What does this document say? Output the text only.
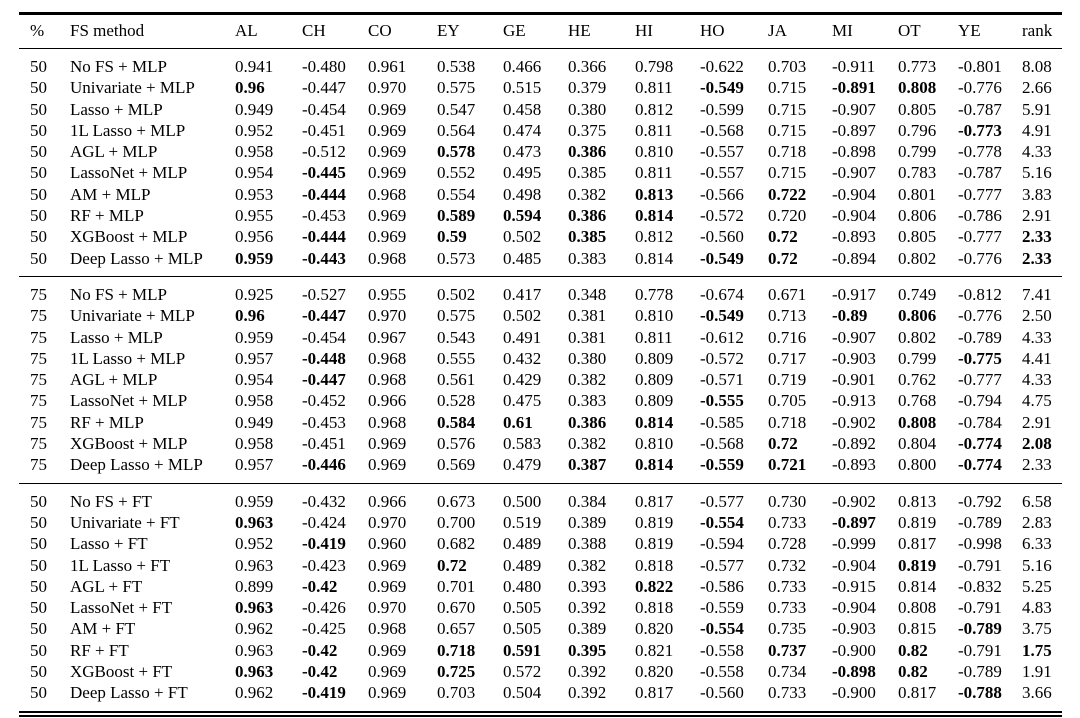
%	FS method	AL	CH	CO	EY	GE	HE	HI	HO	JA	MI	OT	YE	rank
50	No FS + MLP	0.941	-0.480	0.961	0.538	0.466	0.366	0.798	-0.622	0.703	-0.911	0.773	-0.801	8.08
50	Univariate + MLP	0.96	-0.447	0.970	0.575	0.515	0.379	0.811	-0.549	0.715	-0.891	0.808	-0.776	2.66
50	Lasso + MLP	0.949	-0.454	0.969	0.547	0.458	0.380	0.812	-0.599	0.715	-0.907	0.805	-0.787	5.91
50	1L Lasso + MLP	0.952	-0.451	0.969	0.564	0.474	0.375	0.811	-0.568	0.715	-0.897	0.796	-0.773	4.91
50	AGL + MLP	0.958	-0.512	0.969	0.578	0.473	0.386	0.810	-0.557	0.718	-0.898	0.799	-0.778	4.33
50	LassoNet + MLP	0.954	-0.445	0.969	0.552	0.495	0.385	0.811	-0.557	0.715	-0.907	0.783	-0.787	5.16
50	AM + MLP	0.953	-0.444	0.968	0.554	0.498	0.382	0.813	-0.566	0.722	-0.904	0.801	-0.777	3.83
50	RF + MLP	0.955	-0.453	0.969	0.589	0.594	0.386	0.814	-0.572	0.720	-0.904	0.806	-0.786	2.91
50	XGBoost + MLP	0.956	-0.444	0.969	0.59	0.502	0.385	0.812	-0.560	0.72	-0.893	0.805	-0.777	2.33
50	Deep Lasso + MLP	0.959	-0.443	0.968	0.573	0.485	0.383	0.814	-0.549	0.72	-0.894	0.802	-0.776	2.33
75	No FS + MLP	0.925	-0.527	0.955	0.502	0.417	0.348	0.778	-0.674	0.671	-0.917	0.749	-0.812	7.41
75	Univariate + MLP	0.96	-0.447	0.970	0.575	0.502	0.381	0.810	-0.549	0.713	-0.89	0.806	-0.776	2.50
75	Lasso + MLP	0.959	-0.454	0.967	0.543	0.491	0.381	0.811	-0.612	0.716	-0.907	0.802	-0.789	4.33
75	1L Lasso + MLP	0.957	-0.448	0.968	0.555	0.432	0.380	0.809	-0.572	0.717	-0.903	0.799	-0.775	4.41
75	AGL + MLP	0.954	-0.447	0.968	0.561	0.429	0.382	0.809	-0.571	0.719	-0.901	0.762	-0.777	4.33
75	LassoNet + MLP	0.958	-0.452	0.966	0.528	0.475	0.383	0.809	-0.555	0.705	-0.913	0.768	-0.794	4.75
75	RF + MLP	0.949	-0.453	0.968	0.584	0.61	0.386	0.814	-0.585	0.718	-0.902	0.808	-0.784	2.91
75	XGBoost + MLP	0.958	-0.451	0.969	0.576	0.583	0.382	0.810	-0.568	0.72	-0.892	0.804	-0.774	2.08
75	Deep Lasso + MLP	0.957	-0.446	0.969	0.569	0.479	0.387	0.814	-0.559	0.721	-0.893	0.800	-0.774	2.33
50	No FS + FT	0.959	-0.432	0.966	0.673	0.500	0.384	0.817	-0.577	0.730	-0.902	0.813	-0.792	6.58
50	Univariate + FT	0.963	-0.424	0.970	0.700	0.519	0.389	0.819	-0.554	0.733	-0.897	0.819	-0.789	2.83
50	Lasso + FT	0.952	-0.419	0.960	0.682	0.489	0.388	0.819	-0.594	0.728	-0.999	0.817	-0.998	6.33
50	1L Lasso + FT	0.963	-0.423	0.969	0.72	0.489	0.382	0.818	-0.577	0.732	-0.904	0.819	-0.791	5.16
50	AGL + FT	0.899	-0.42	0.969	0.701	0.480	0.393	0.822	-0.586	0.733	-0.915	0.814	-0.832	5.25
50	LassoNet + FT	0.963	-0.426	0.970	0.670	0.505	0.392	0.818	-0.559	0.733	-0.904	0.808	-0.791	4.83
50	AM + FT	0.962	-0.425	0.968	0.657	0.505	0.389	0.820	-0.554	0.735	-0.903	0.815	-0.789	3.75
50	RF + FT	0.963	-0.42	0.969	0.718	0.591	0.395	0.821	-0.558	0.737	-0.900	0.82	-0.791	1.75
50	XGBoost + FT	0.963	-0.42	0.969	0.725	0.572	0.392	0.820	-0.558	0.734	-0.898	0.82	-0.789	1.91
50	Deep Lasso + FT	0.962	-0.419	0.969	0.703	0.504	0.392	0.817	-0.560	0.733	-0.900	0.817	-0.788	3.66
